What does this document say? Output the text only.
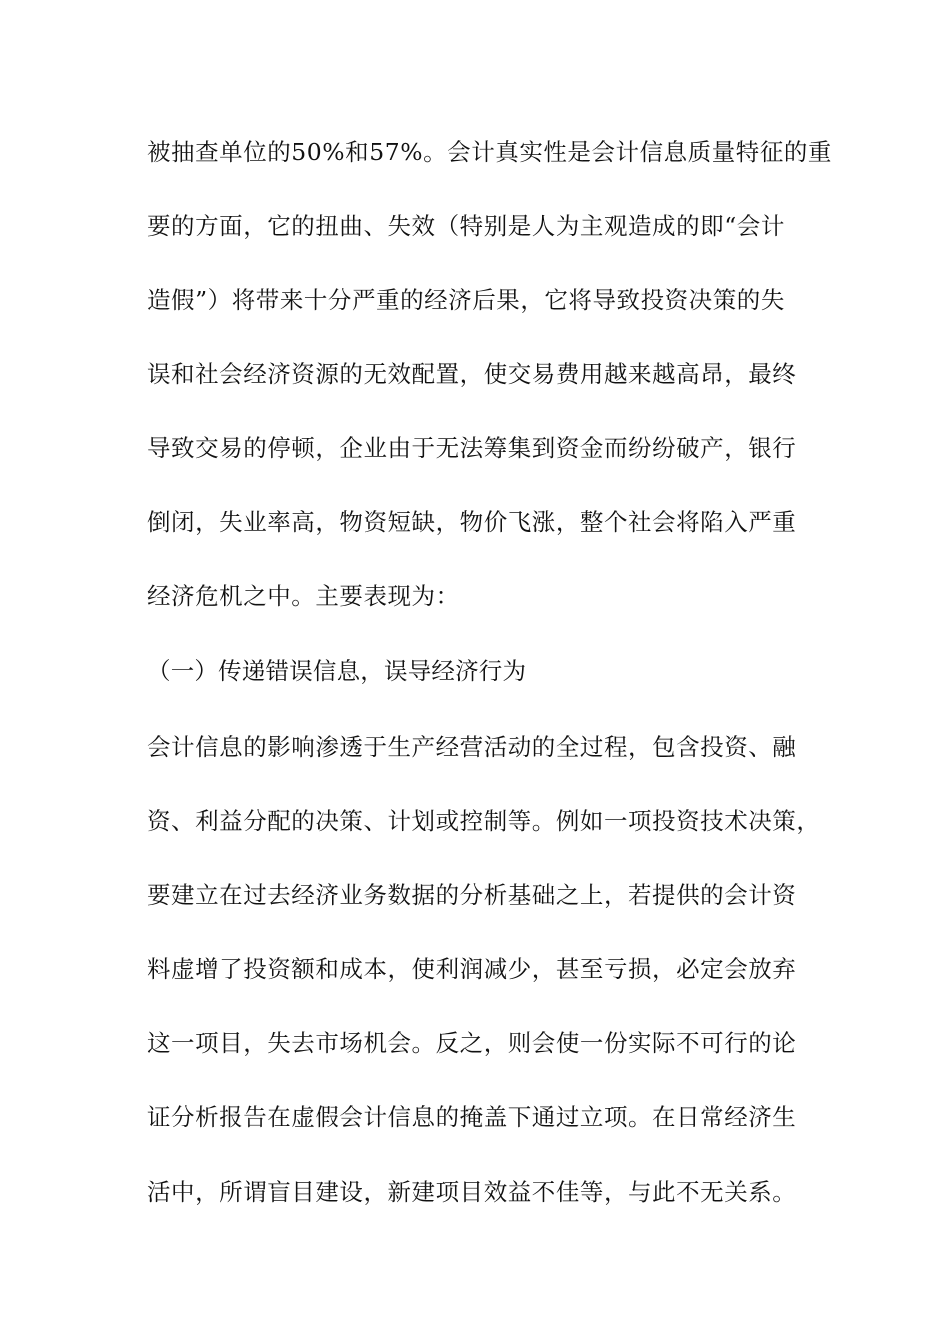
被抽查单位的50%和57%。会计真实性是会计信息质量特征的重
要的方面，它的扭曲、失效（特别是人为主观造成的即“会计
造假”）将带来十分严重的经济后果，它将导致投资决策的失
误和社会经济资源的无效配置，使交易费用越来越高昂，最终
导致交易的停顿，企业由于无法筹集到资金而纷纷破产，银行
倒闭，失业率高，物资短缺，物价飞涨，整个社会将陷入严重
经济危机之中。主要表现为：
（一）传递错误信息，误导经济行为
会计信息的影响渗透于生产经营活动的全过程，包含投资、融
资、利益分配的决策、计划或控制等。例如一项投资技术决策，
要建立在过去经济业务数据的分析基础之上，若提供的会计资
料虚增了投资额和成本，使利润减少，甚至亏损，必定会放弃
这一项目，失去市场机会。反之，则会使一份实际不可行的论
证分析报告在虚假会计信息的掩盖下通过立项。在日常经济生
活中，所谓盲目建设，新建项目效益不佳等，与此不无关系。
